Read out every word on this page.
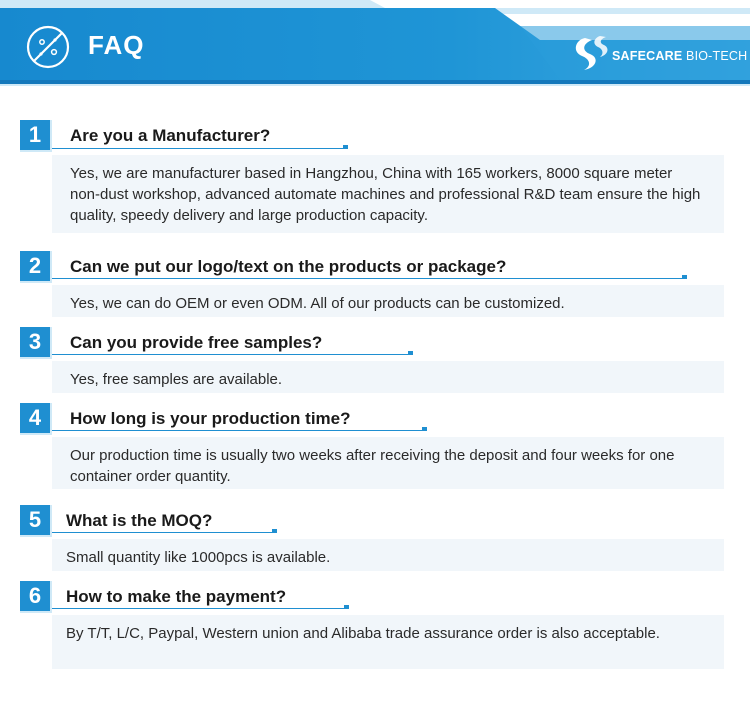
FAQ	SAFECARE BIO-TECH
1	Are you a Manufacturer?
Yes, we are manufacturer based in Hangzhou, China with 165 workers, 8000 square meter non-dust workshop, advanced automate machines and professional R&D team ensure the high quality, speedy delivery and large production capacity.
2	Can we put our logo/text on the products or package?
Yes, we can do OEM or even ODM. All of our products can be customized.
3	Can you provide free samples?
Yes, free samples are available.
4	How long is your production time?
Our production time is usually two weeks after receiving the deposit and four weeks for one container order quantity.
5	What is the MOQ?
Small quantity like 1000pcs is available.
6	How to make the payment?
By T/T, L/C, Paypal, Western union and Alibaba trade assurance order is also acceptable.
